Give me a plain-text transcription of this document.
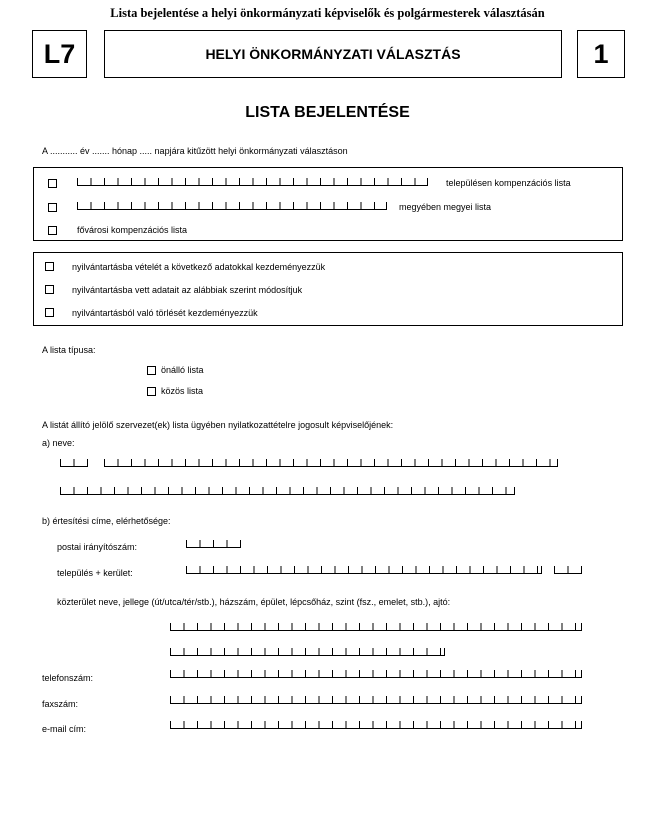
Lista bejelentése a helyi önkormányzati képviselők és polgármesterek választásán
L7	HELYI ÖNKORMÁNYZATI VÁLASZTÁS	1
LISTA BEJELENTÉSE
A ........... év ....... hónap ..... napjára kitűzött helyi önkormányzati választáson
településen kompenzációs lista
megyében megyei lista
fővárosi kompenzációs lista
nyilvántartásba vételét a következő adatokkal kezdeményezzük
nyilvántartásba vett adatait az alábbiak szerint módosítjuk
nyilvántartásból való törlését kezdeményezzük
A lista típusa:
önálló lista
közös lista
A listát állító jelölő szervezet(ek) lista ügyében nyilatkozattételre jogosult képviselőjének:
a) neve:
b) értesítési címe, elérhetősége:
postai irányítószám:
település + kerület:
közterület neve, jellege (út/utca/tér/stb.), házszám, épület, lépcsőház, szint (fsz., emelet, stb.), ajtó:
telefonszám:
faxszám:
e-mail cím:
